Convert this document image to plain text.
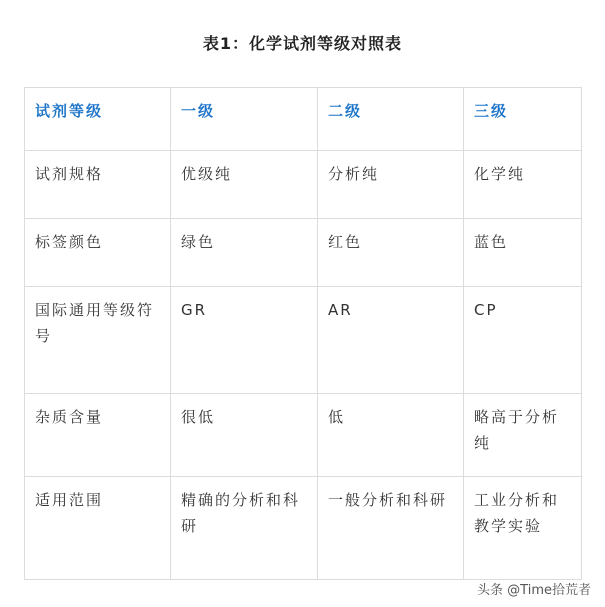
表1：化学试剂等级对照表
试剂等级	一级	二级	三级
试剂规格	优级纯	分析纯	化学纯
标签颜色	绿色	红色	蓝色
国际通用等级符号	GR	AR	CP
杂质含量	很低	低	略高于分析纯
适用范围	精确的分析和科研	一般分析和科研	工业分析和教学实验
头条 @Time拾荒者
